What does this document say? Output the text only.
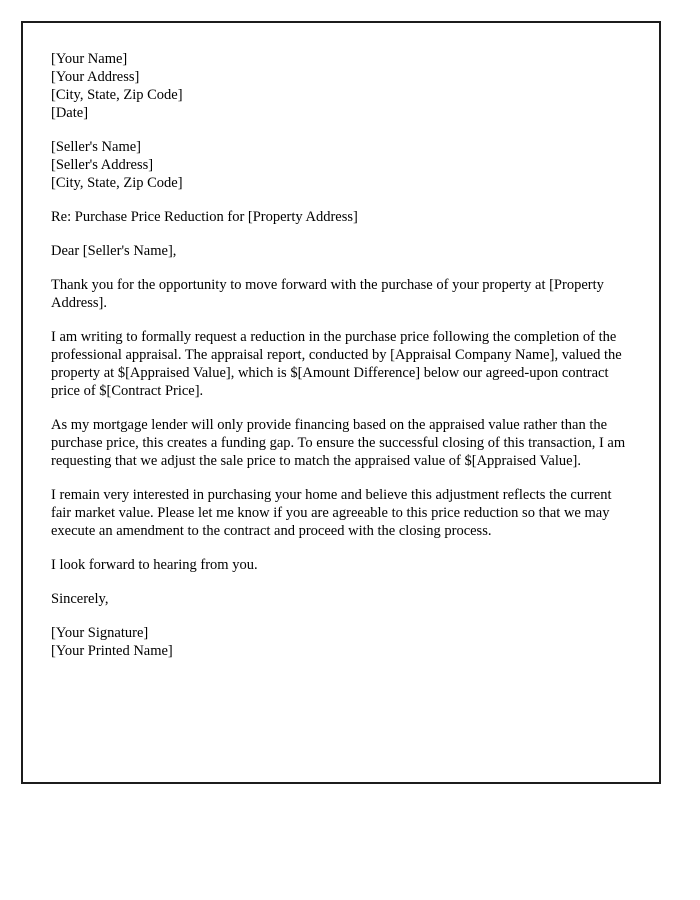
[Your Name]

[Your Address]

[City, State, Zip Code]

[Date]

[Seller's Name]

[Seller's Address]

[City, State, Zip Code]

Re: Purchase Price Reduction for [Property Address]

Dear [Seller's Name],

Thank you for the opportunity to move forward with the purchase of your property at [Property Address].

I am writing to formally request a reduction in the purchase price following the completion of the professional appraisal. The appraisal report, conducted by [Appraisal Company Name], valued the property at $[Appraised Value], which is $[Amount Difference] below our agreed-upon contract price of $[Contract Price].

As my mortgage lender will only provide financing based on the appraised value rather than the purchase price, this creates a funding gap. To ensure the successful closing of this transaction, I am requesting that we adjust the sale price to match the appraised value of $[Appraised Value].

I remain very interested in purchasing your home and believe this adjustment reflects the current fair market value. Please let me know if you are agreeable to this price reduction so that we may execute an amendment to the contract and proceed with the closing process.

I look forward to hearing from you.

Sincerely,

[Your Signature]

[Your Printed Name]
